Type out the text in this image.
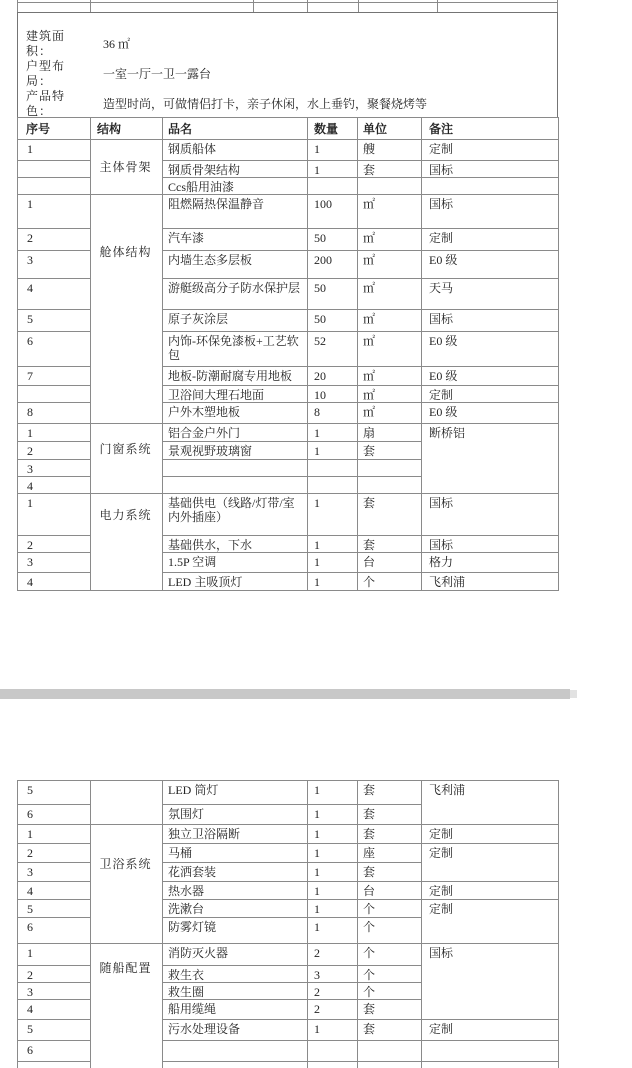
建筑面积：
36 ㎡
户型布局：
一室一厅一卫一露台
产品特色：
造型时尚，可做情侣打卡，亲子休闲，水上垂钓，聚餐烧烤等
序号	结构	品名	数量	单位	备注
1	主体骨架	钢质船体	1	艘	定制
		钢质骨架结构	1	套	国标
		Ccs船用油漆			
1	舱体结构	阻燃隔热保温静音	100	㎡	国标
2		汽车漆	50	㎡	定制
3		内墙生态多层板	200	㎡	E0 级
4		游艇级高分子防水保护层	50	㎡	天马
5		原子灰涂层	50	㎡	国标
6		内饰-环保免漆板+工艺软包	52	㎡	E0 级
7		地板-防潮耐腐专用地板	20	㎡	E0 级
		卫浴间大理石地面	10	㎡	定制
8		户外木塑地板	8	㎡	E0 级
1	门窗系统	铝合金户外门	1	扇	断桥铝
2		景观视野玻璃窗	1	套	
3					
4					
1	电力系统	基础供电（线路/灯带/室内外插座）	1	套	国标
2		基础供水，下水	1	套	国标
3		1.5P 空调	1	台	格力
4		LED 主吸顶灯	1	个	飞利浦
5		LED 筒灯	1	套	飞利浦
6		氛围灯	1	套	
1	卫浴系统	独立卫浴隔断	1	套	定制
2		马桶	1	座	定制
3		花洒套装	1	套	
4		热水器	1	台	定制
5		洗漱台	1	个	定制
6		防雾灯镜	1	个	
1	随船配置	消防灭火器	2	个	国标
2		救生衣	3	个	
3		救生圈	2	个	
4		船用缆绳	2	套	
5		污水处理设备	1	套	定制
6					
